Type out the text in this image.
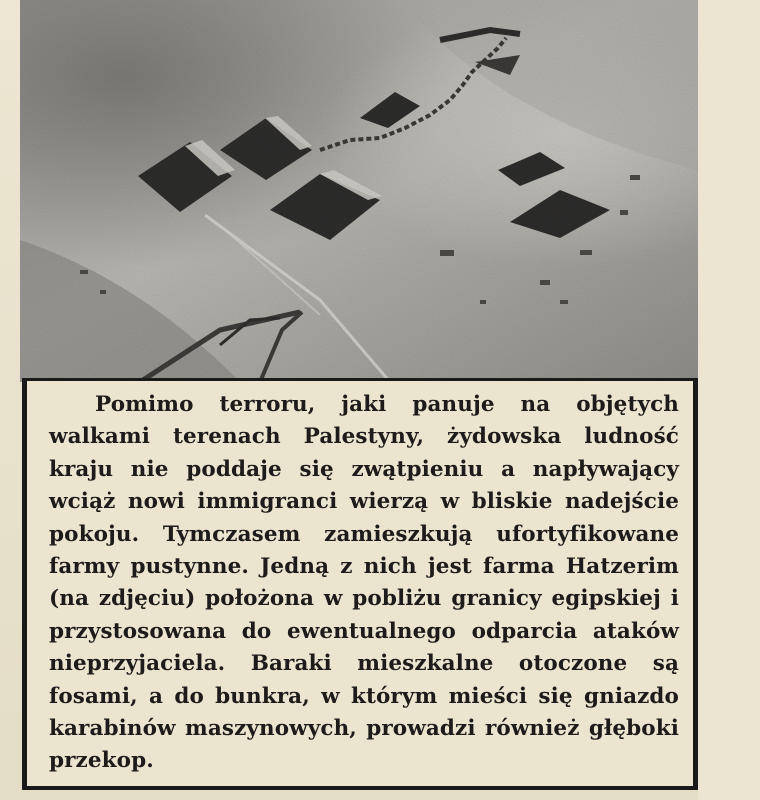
Pomimo terroru, jaki panuje na objętych walkami terenach Palestyny, żydowska ludność kraju nie poddaje się zwątpieniu a napływający wciąż nowi immigranci wierzą w bliskie nadejście pokoju. Tymczasem zamieszkują ufortyfikowane farmy pustynne. Jedną z nich jest farma Hatzerim (na zdjęciu) położona w pobliżu granicy egipskiej i przystosowana do ewentualnego odparcia ataków nieprzyjaciela. Baraki mieszkalne otoczone są fosami, a do bunkra, w którym mieści się gniazdo karabinów maszynowych, prowadzi również głęboki przekop.
